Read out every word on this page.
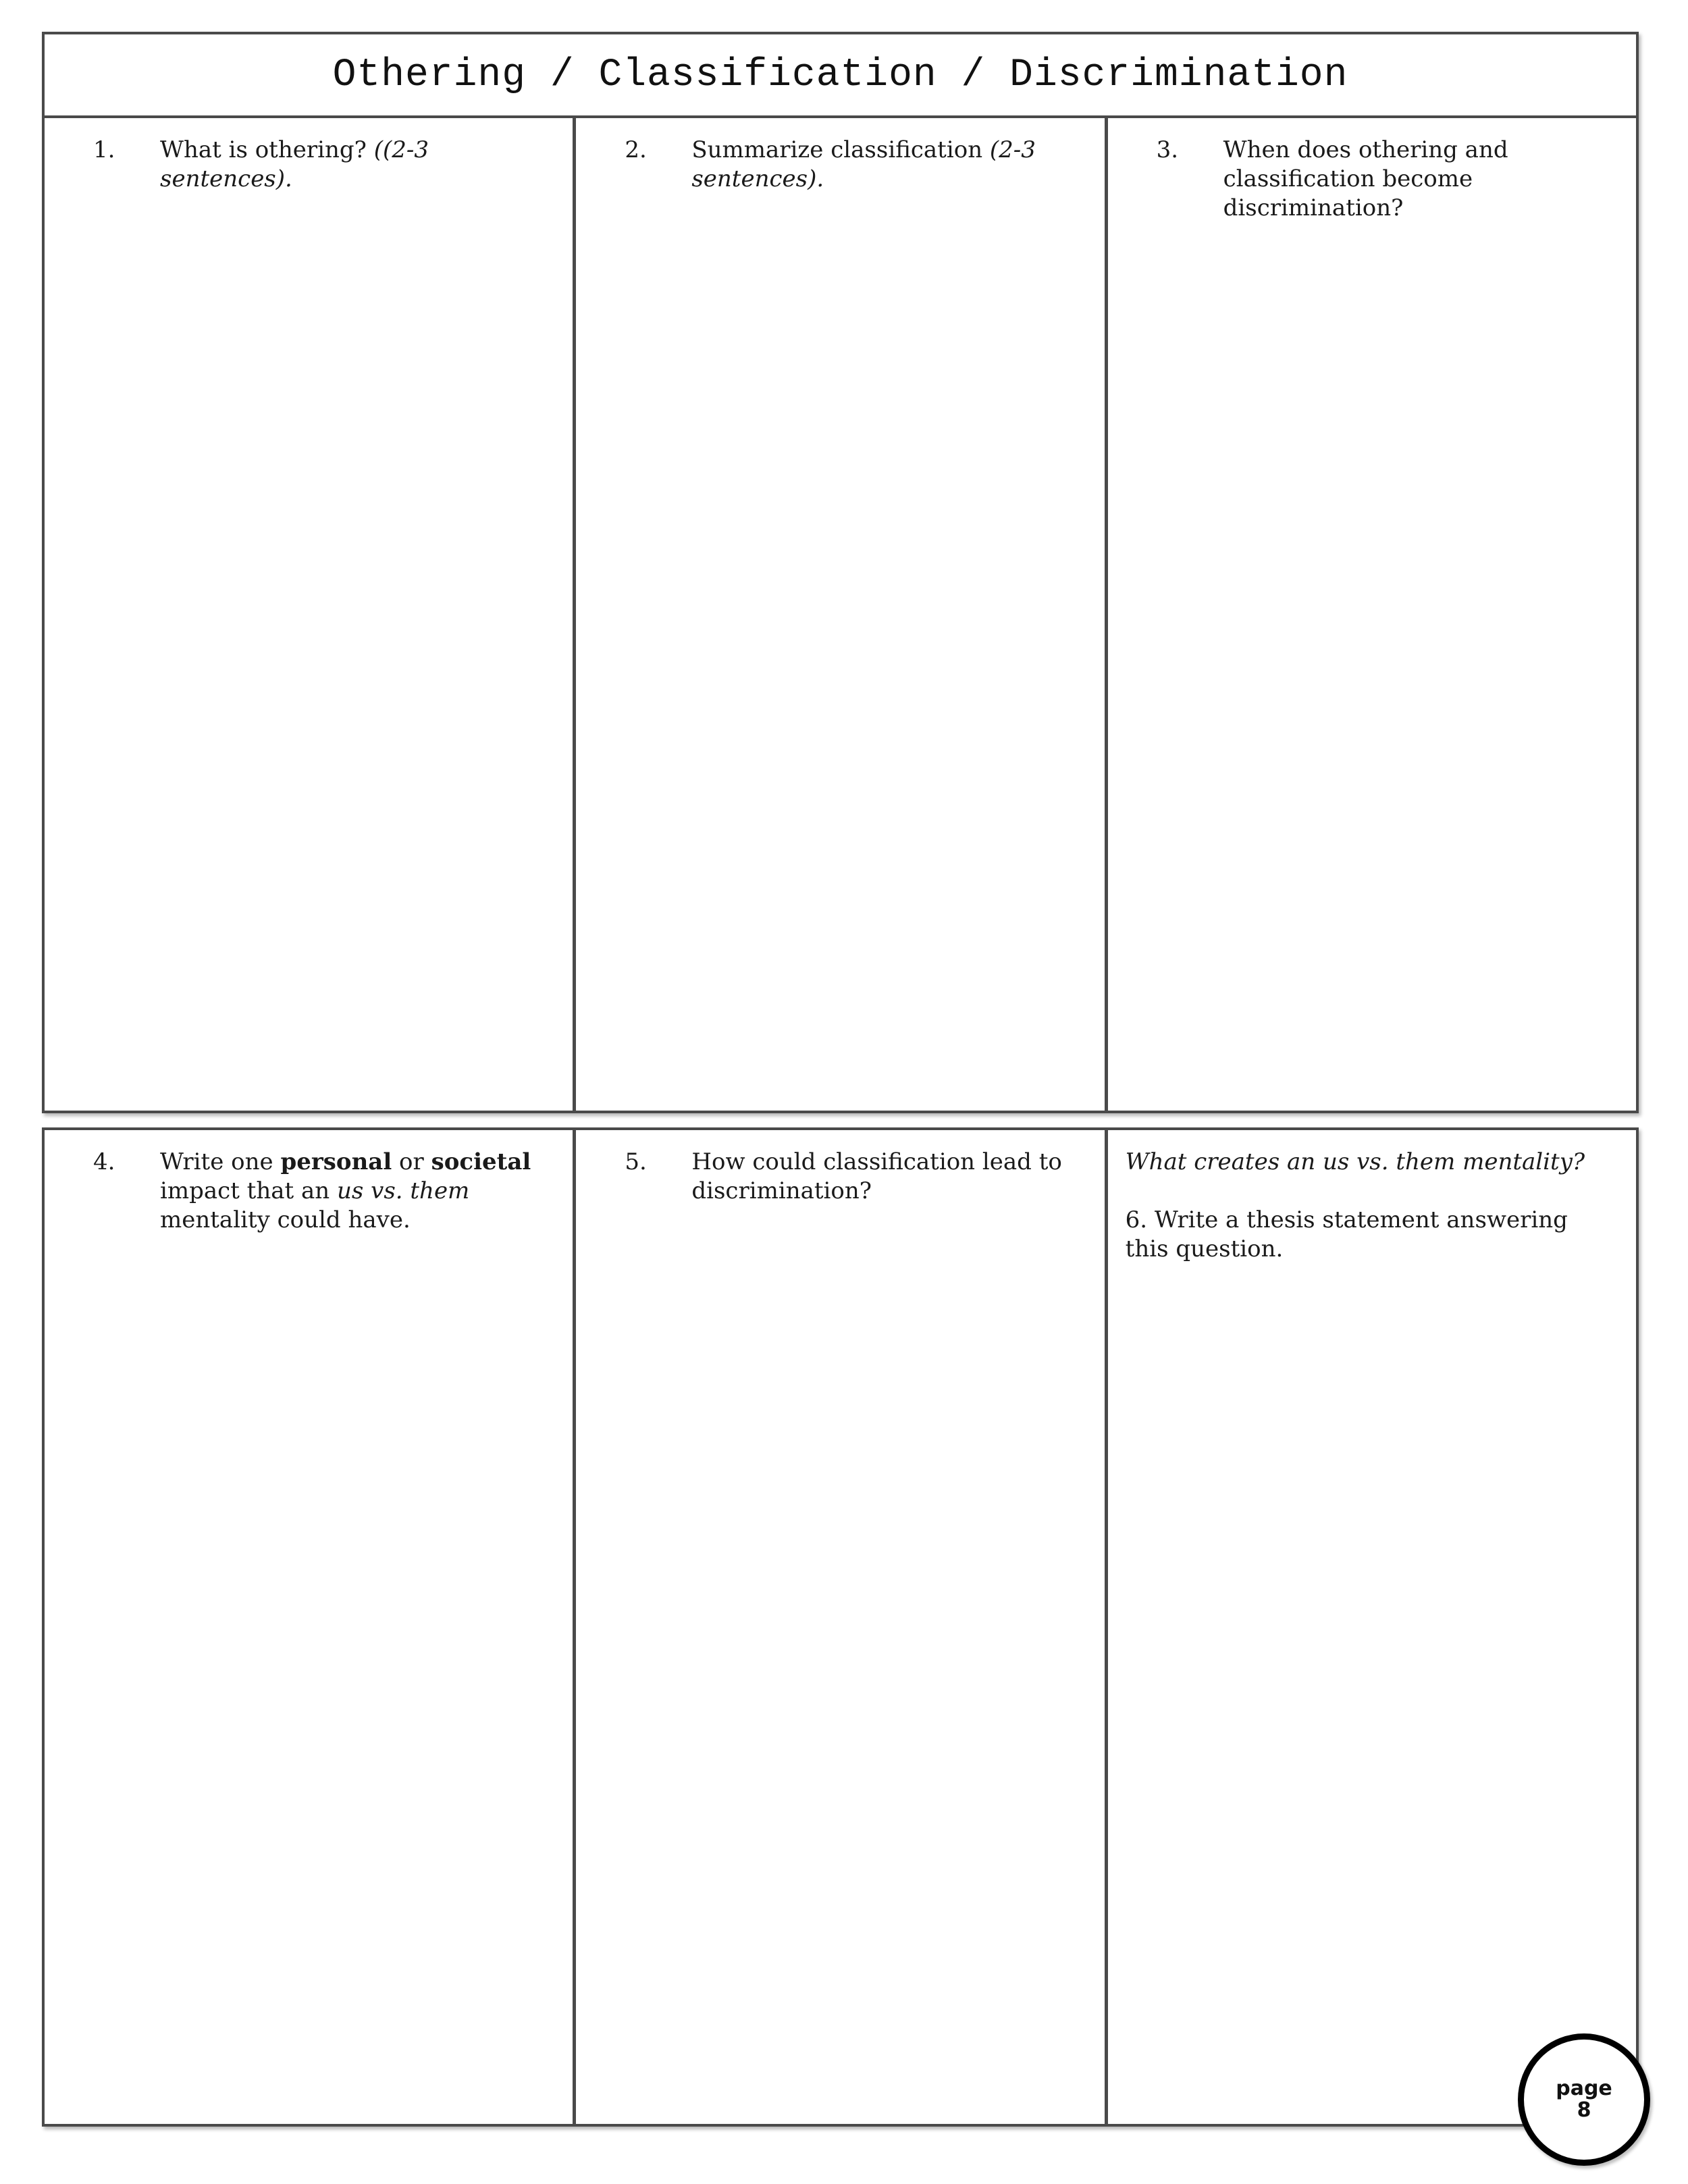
Othering / Classification / Discrimination
1.	What is othering? ((2-3 sentences).
2.	Summarize classification (2-3 sentences).
3.	When does othering and classification become discrimination?
4.	Write one personal or societal impact that an us vs. them mentality could have.
5.	How could classification lead to discrimination?

What creates an us vs. them mentality?

6. Write a thesis statement answering this question.

page
8
